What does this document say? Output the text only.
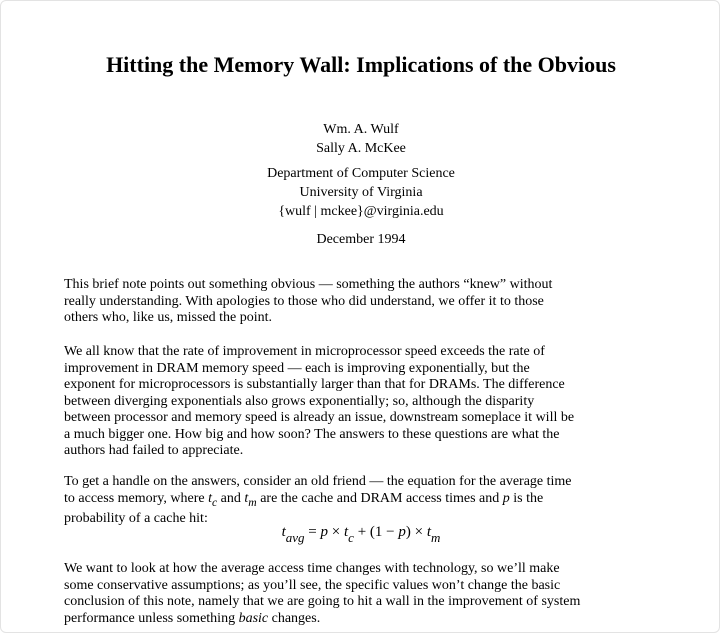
Hitting the Memory Wall: Implications of the Obvious
Wm. A. Wulf
Sally A. McKee
Department of Computer Science
University of Virginia
{wulf | mckee}@virginia.edu
December 1994

This brief note points out something obvious — something the authors “knew” without
really understanding. With apologies to those who did understand, we offer it to those
others who, like us, missed the point.

We all know that the rate of improvement in microprocessor speed exceeds the rate of
improvement in DRAM memory speed — each is improving exponentially, but the
exponent for microprocessors is substantially larger than that for DRAMs. The difference
between diverging exponentials also grows exponentially; so, although the disparity
between processor and memory speed is already an issue, downstream someplace it will be
a much bigger one. How big and how soon? The answers to these questions are what the
authors had failed to appreciate.

To get a handle on the answers, consider an old friend — the equation for the average time
to access memory, where $t_c$ and $t_m$ are the cache and DRAM access times and p is the
probability of a cache hit:

$t_{avg} = p \times t_c + (1 - p) \times t_m$

We want to look at how the average access time changes with technology, so we’ll make
some conservative assumptions; as you’ll see, the specific values won’t change the basic
conclusion of this note, namely that we are going to hit a wall in the improvement of system
performance unless something basic changes.
